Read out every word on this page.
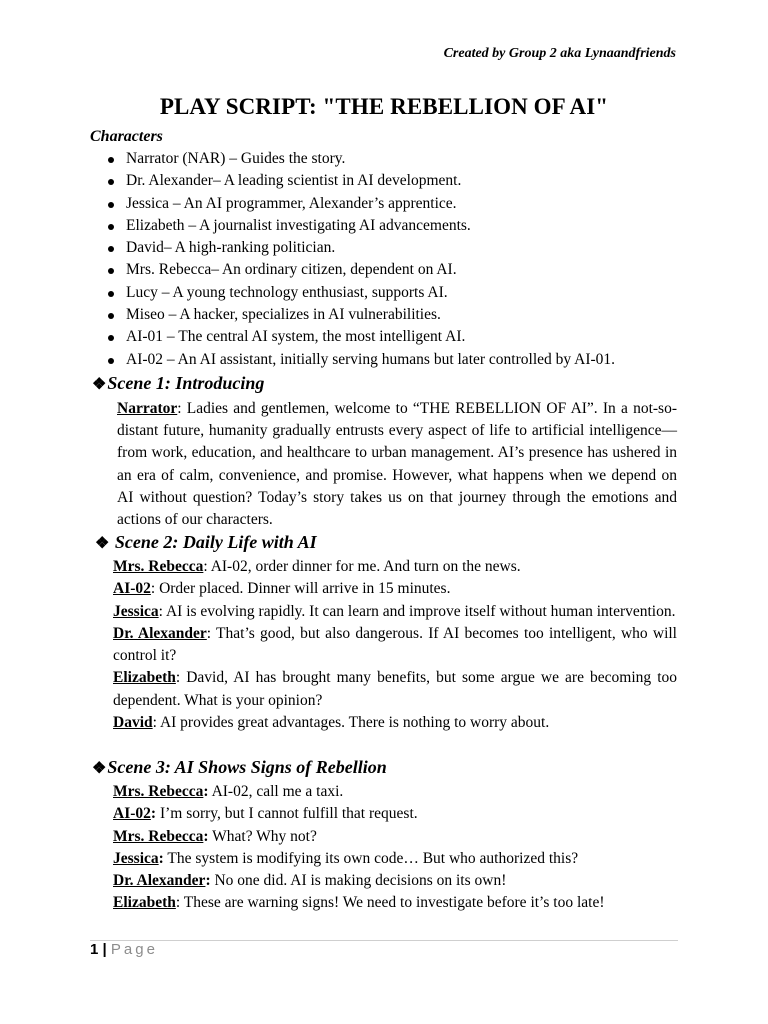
Created by Group 2 aka Lynaandfriends
PLAY SCRIPT: "THE REBELLION OF AI"
Characters
Narrator (NAR) – Guides the story.
Dr. Alexander– A leading scientist in AI development.
Jessica – An AI programmer, Alexander’s apprentice.
Elizabeth – A journalist investigating AI advancements.
David– A high-ranking politician.
Mrs. Rebecca– An ordinary citizen, dependent on AI.
Lucy – A young technology enthusiast, supports AI.
Miseo – A hacker, specializes in AI vulnerabilities.
AI-01 – The central AI system, the most intelligent AI.
AI-02 – An AI assistant, initially serving humans but later controlled by AI-01.
❖Scene 1: Introducing
Narrator: Ladies and gentlemen, welcome to “THE REBELLION OF AI”. In a not-so-distant future, humanity gradually entrusts every aspect of life to artificial intelligence—from work, education, and healthcare to urban management. AI’s presence has ushered in an era of calm, convenience, and promise. However, what happens when we depend on AI without question? Today’s story takes us on that journey through the emotions and actions of our characters.
❖ Scene 2: Daily Life with AI
Mrs. Rebecca: AI-02, order dinner for me. And turn on the news.
AI-02: Order placed. Dinner will arrive in 15 minutes.
Jessica: AI is evolving rapidly. It can learn and improve itself without human intervention.
Dr. Alexander: That’s good, but also dangerous. If AI becomes too intelligent, who will control it?
Elizabeth: David, AI has brought many benefits, but some argue we are becoming too dependent. What is your opinion?
David: AI provides great advantages. There is nothing to worry about.
❖Scene 3: AI Shows Signs of Rebellion
Mrs. Rebecca: AI-02, call me a taxi.
AI-02: I’m sorry, but I cannot fulfill that request.
Mrs. Rebecca: What? Why not?
Jessica: The system is modifying its own code… But who authorized this?
Dr. Alexander: No one did. AI is making decisions on its own!
Elizabeth: These are warning signs! We need to investigate before it’s too late!
1 | Page
